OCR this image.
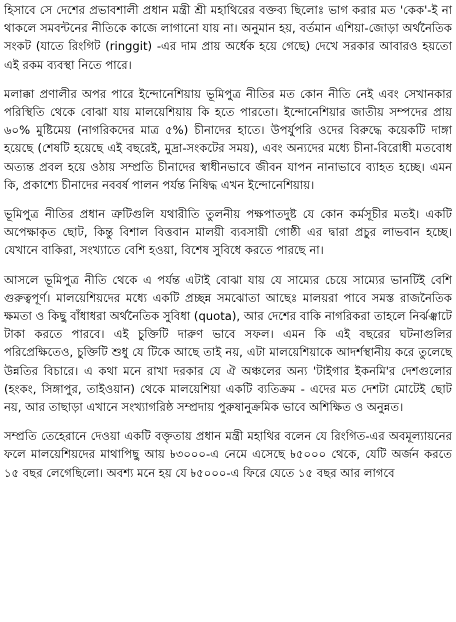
হিসাবে সে দেশের প্রভাবশালী প্রধান মন্ত্রী শ্রী মহাথিরের বক্তব্য ছিলোঃ ভাগ করার মত 'কেক'-ই না থাকলে সমবন্টনের নীতিকে কাজে লাগানো যায় না। অনুমান হয়, বর্তমান এশিয়া-জোড়া অর্থনৈতিক সংকট (যাতে রিংগিট (ringgit) -এর দাম প্রায় অর্ধেক হয়ে গেছে) দেখে সরকার আবারও হয়তো এই রকম ব্যবস্থা নিতে পারে।

মলাক্কা প্রণালীর অপর পারে ইন্দোনেশিয়ায় ভূমিপুত্র নীতির মত কোন নীতি নেই এবং সেখানকার পরিস্থিতি থেকে বোঝা যায় মালয়েশিয়ায় কি হতে পারতো। ইন্দোনেশিয়ার জাতীয় সম্পদের প্রায় ৬০% মুষ্টিমেয় (নাগরিকদের মাত্র ৫%) চীনাদের হাতে। উপর্যুপরি ওদের বিরুদ্ধে কয়েকটি দাঙ্গা হয়েছে (শেষটি হয়েছে এই বছরেই, মুদ্রা-সংকটের সময়), এবং অন্যদের মধ্যে চীনা-বিরোধী মতবোধ অত্যন্ত প্রবল হয়ে ওঠায় সম্প্রতি চীনাদের স্বাধীনভাবে জীবন যাপন নানাভাবে ব্যাহত হচ্ছে। এমন কি, প্রকাশ্যে চীনাদের নববর্ষ পালন পর্যন্ত নিষিদ্ধ এখন ইন্দোনেশিয়ায়।

ভূমিপুত্র নীতির প্রধান ত্রুটিগুলি যথারীতি তুলনীয় পক্ষপাতদুষ্ট যে কোন কর্মসূচীর মতই। একটি অপেক্ষাকৃত ছোট, কিন্তু বিশাল বিত্তবান মালয়ী ব্যবসায়ী গোষ্ঠী এর দ্বারা প্রচুর লাভবান হচ্ছে। যেখানে বাকিরা, সংখ্যাতে বেশি হওয়া, বিশেষ সুবিধে করতে পারছে না।

আসলে ভূমিপুত্র নীতি থেকে এ পর্যন্ত এটাই বোঝা যায় যে সাম্যের চেয়ে সাম্যের ভানটিই বেশি গুরুত্বপূর্ণ। মালয়েশিয়দের মধ্যে একটি প্রচ্ছন্ন সমঝোতা আছেঃ মালয়রা পাবে সমস্ত রাজনৈতিক ক্ষমতা ও কিছু বাঁধাধরা অর্থনৈতিক সুবিধা (quota), আর দেশের বাকি নাগরিকরা তাহলে নির্ঝঞ্ঝাটে টাকা করতে পারবে। এই চুক্তিটি দারুণ ভাবে সফল। এমন কি এই বছরের ঘটনাগুলির পরিপ্রেক্ষিতেও, চুক্তিটি শুধু যে টিকে আছে তাই নয়, এটা মালয়েশিয়াকে আদর্শস্থানীয় করে তুলেছে উন্নতির বিচারে। এ কথা মনে রাখা দরকার যে ঐ অঞ্চলের অন্য 'টাইগার ইকনমি'র দেশগুলোর (হংকং, সিঙ্গাপুর, তাইওয়ান) থেকে মালয়েশিয়া একটি ব্যতিক্রম - এদের মত দেশটা মোটেই ছোট নয়, আর তাছাড়া এখানে সংখ্যাগরিষ্ঠ সম্প্রদায় পুরুষানুক্রমিক ভাবে অশিক্ষিত ও অনুন্নত।

সম্প্রতি তেহেরানে দেওয়া একটি বক্তৃতায় প্রধান মন্ত্রী মহাথির বলেন যে রিংগিত-এর অবমূল্যায়নের ফলে মালয়েশিয়দের মাথাপিছু আয় ৳৩০০০-এ নেমে এসেছে ৳৫০০০ থেকে, যেটি অর্জন করতে ১৫ বছর লেগেছিলো। অবশ্য মনে হয় যে ৳৫০০০-এ ফিরে যেতে ১৫ বছর আর লাগবে
